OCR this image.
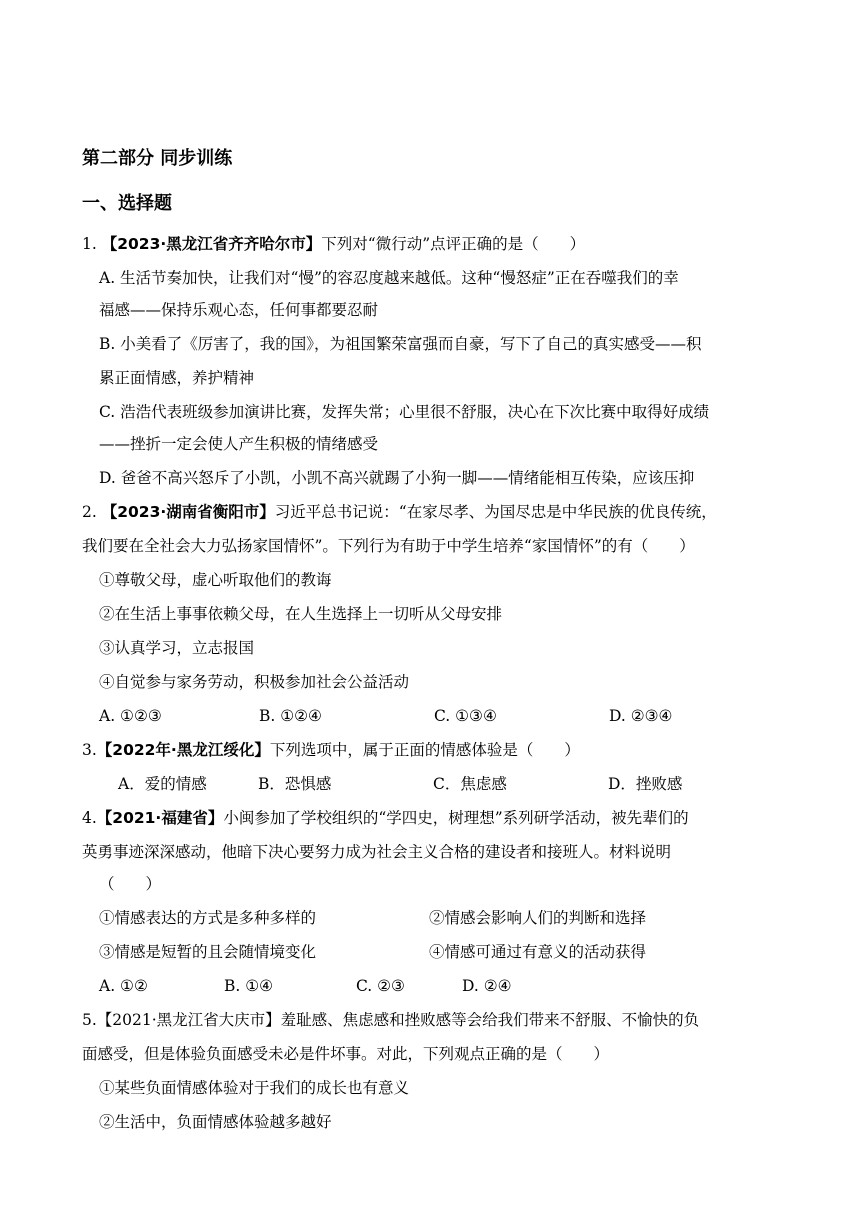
第二部分 同步训练
一、选择题
1. 【2023·黑龙江省齐齐哈尔市】下列对“微行动”点评正确的是（　　）
A. 生活节奏加快，让我们对“慢”的容忍度越来越低。这种“慢怒症”正在吞噬我们的幸
福感——保持乐观心态，任何事都要忍耐
B. 小美看了《厉害了，我的国》，为祖国繁荣富强而自豪，写下了自己的真实感受——积
累正面情感，养护精神
C. 浩浩代表班级参加演讲比赛，发挥失常；心里很不舒服，决心在下次比赛中取得好成绩
——挫折一定会使人产生积极的情绪感受
D. 爸爸不高兴怒斥了小凯，小凯不高兴就踢了小狗一脚——情绪能相互传染，应该压抑
2. 【2023·湖南省衡阳市】习近平总书记说：“在家尽孝、为国尽忠是中华民族的优良传统，
我们要在全社会大力弘扬家国情怀”。下列行为有助于中学生培养“家国情怀”的有（　　）
①尊敬父母，虚心听取他们的教诲
②在生活上事事依赖父母，在人生选择上一切听从父母安排
③认真学习，立志报国
④自觉参与家务劳动，积极参加社会公益活动
A. ①②③	B. ①②④	C. ①③④	D. ②③④
3.【2022年·黑龙江绥化】下列选项中，属于正面的情感体验是（　　）
A．爱的情感	B．恐惧感	C．焦虑感	D．挫败感
4.【2021·福建省】小闽参加了学校组织的“学四史，树理想”系列研学活动，被先辈们的
英勇事迹深深感动，他暗下决心要努力成为社会主义合格的建设者和接班人。材料说明
（　　）
①情感表达的方式是多种多样的	②情感会影响人们的判断和选择
③情感是短暂的且会随情境变化	④情感可通过有意义的活动获得
A. ①②	B. ①④	C. ②③	D. ②④
5.【2021·黑龙江省大庆市】羞耻感、焦虑感和挫败感等会给我们带来不舒服、不愉快的负
面感受，但是体验负面感受未必是件坏事。对此，下列观点正确的是（　　）
①某些负面情感体验对于我们的成长也有意义
②生活中，负面情感体验越多越好
